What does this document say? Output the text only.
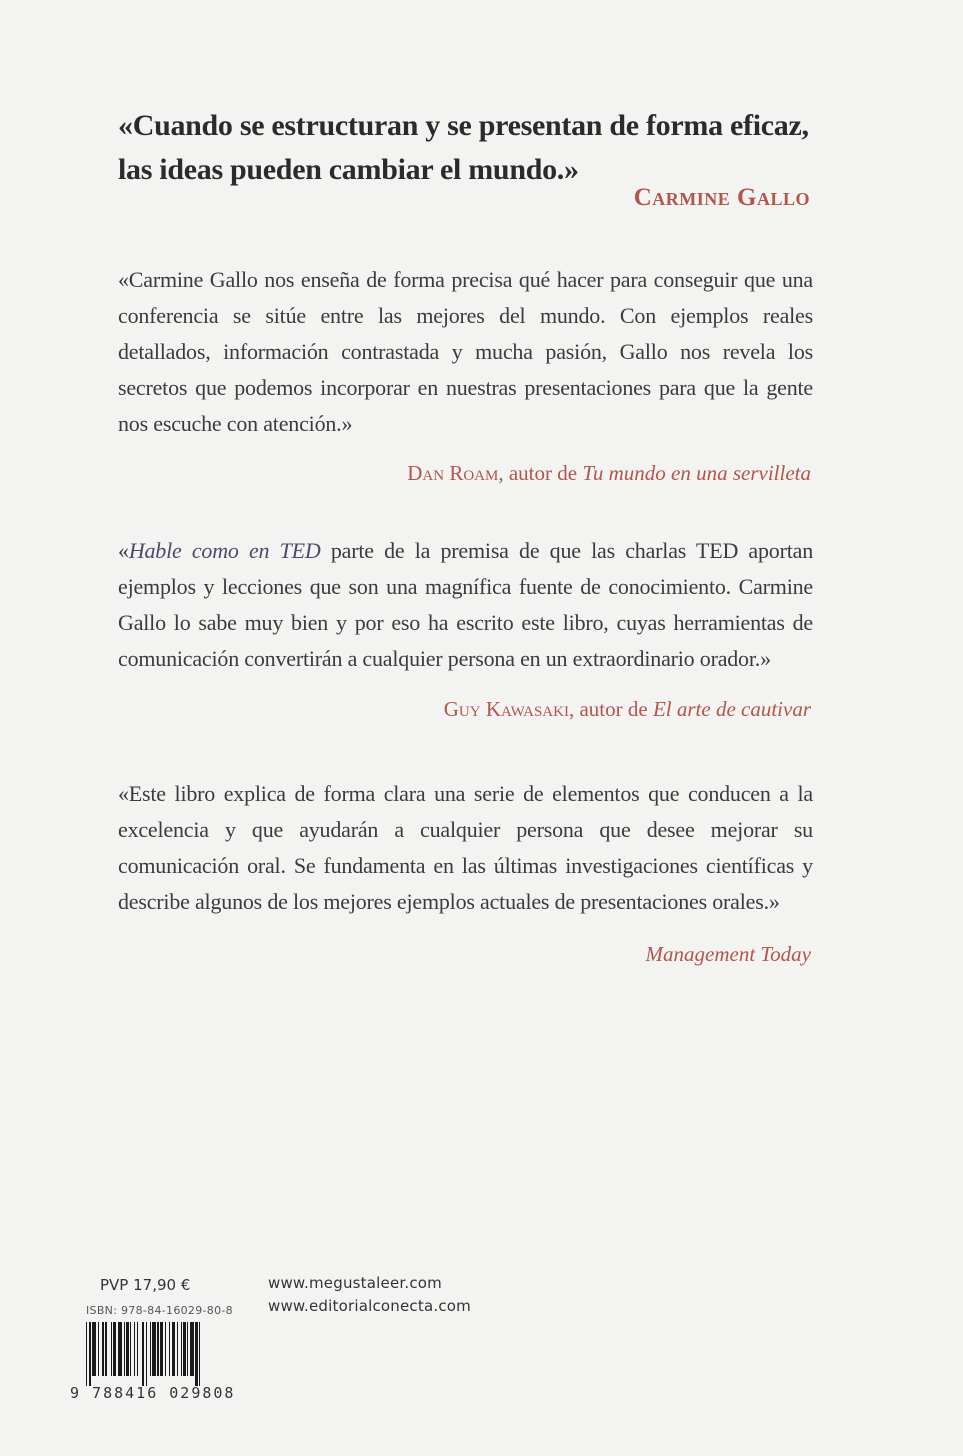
«Cuando se estructuran y se presentan de forma eficaz, las ideas pueden cambiar el mundo.»
Carmine Gallo
«Carmine Gallo nos enseña de forma precisa qué hacer para conseguir que una conferencia se sitúe entre las mejores del mundo. Con ejemplos reales detallados, información contrastada y mucha pasión, Gallo nos revela los secretos que podemos incorporar en nuestras presentaciones para que la gente nos escuche con atención.»
Dan Roam, autor de Tu mundo en una servilleta
«Hable como en TED parte de la premisa de que las charlas TED aportan ejemplos y lecciones que son una magnífica fuente de conocimiento. Carmine Gallo lo sabe muy bien y por eso ha escrito este libro, cuyas herramientas de comunicación convertirán a cualquier persona en un extraordinario orador.»
Guy Kawasaki, autor de El arte de cautivar
«Este libro explica de forma clara una serie de elementos que conducen a la excelencia y que ayudarán a cualquier persona que desee mejorar su comunicación oral. Se fundamenta en las últimas investigaciones científicas y describe algunos de los mejores ejemplos actuales de presentaciones orales.»
Management Today
PVP 17,90 €
ISBN: 978-84-16029-80-8
www.megustaleer.com
www.editorialconecta.com
9 788416 029808
